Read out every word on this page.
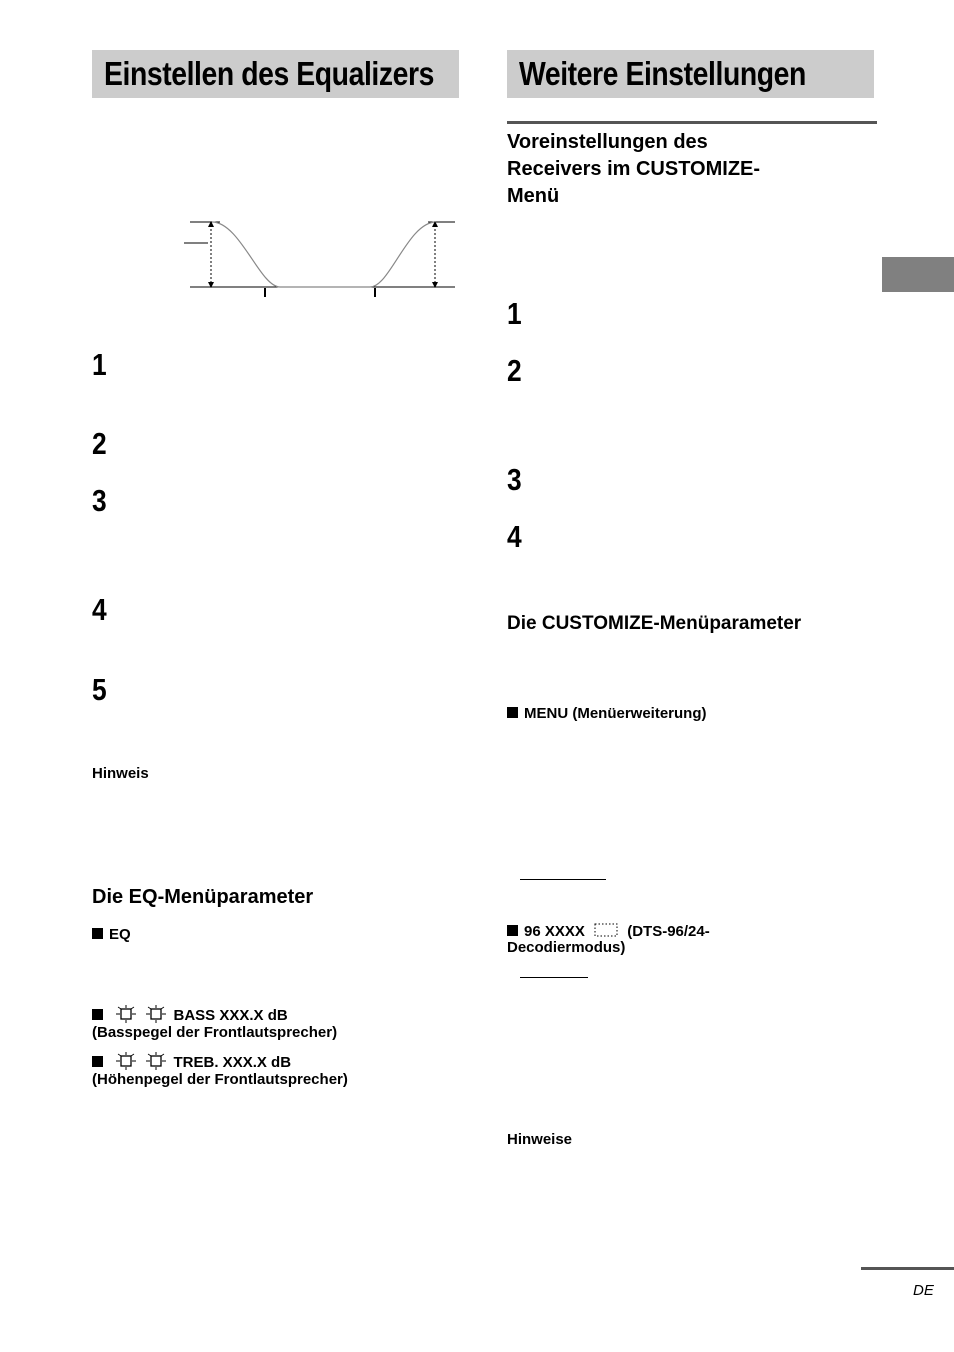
Einstellen des Equalizers
1
2
3
4
5
Hinweis
Die EQ-Menüparameter
EQ
BASS XXX.X dB
(Basspegel der Frontlautsprecher)
TREB. XXX.X dB
(Höhenpegel der Frontlautsprecher)
Weitere Einstellungen
Voreinstellungen des
Receivers im CUSTOMIZE-
Menü
1
2
3
4
Die CUSTOMIZE-Menüparameter
MENU (Menüerweiterung)
96 XXXX	(DTS-96/24-
Decodiermodus)
Hinweise
DE
